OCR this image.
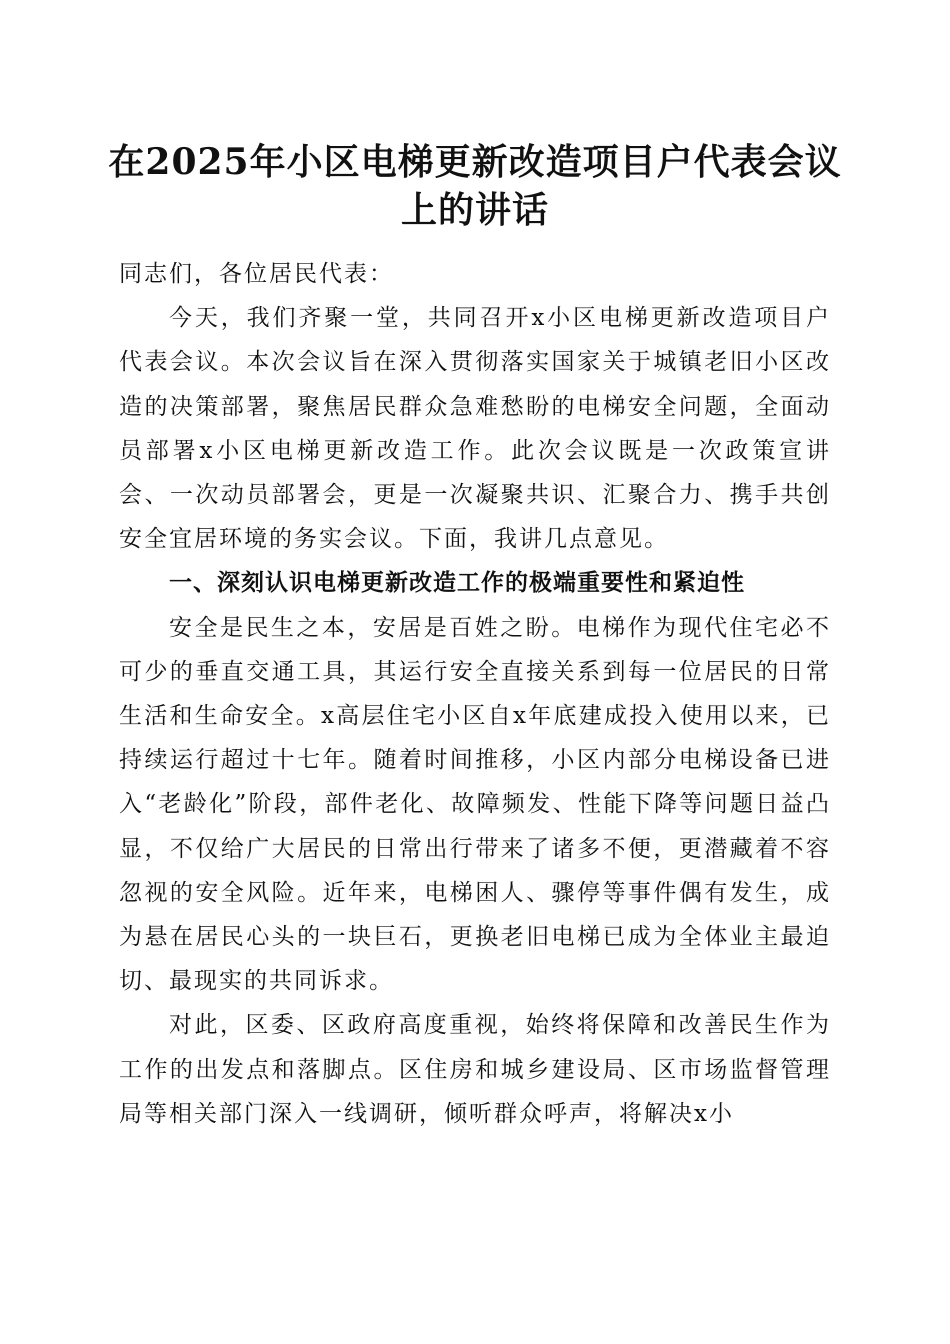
在2025年小区电梯更新改造项目户代表会议
上的讲话

同志们，各位居民代表：

今天，我们齐聚一堂，共同召开x小区电梯更新改造项目户代表会议。本次会议旨在深入贯彻落实国家关于城镇老旧小区改造的决策部署，聚焦居民群众急难愁盼的电梯安全问题，全面动员部署x小区电梯更新改造工作。此次会议既是一次政策宣讲会、一次动员部署会，更是一次凝聚共识、汇聚合力、携手共创安全宜居环境的务实会议。下面，我讲几点意见。

一、深刻认识电梯更新改造工作的极端重要性和紧迫性

安全是民生之本，安居是百姓之盼。电梯作为现代住宅必不可少的垂直交通工具，其运行安全直接关系到每一位居民的日常生活和生命安全。x高层住宅小区自x年底建成投入使用以来，已持续运行超过十七年。随着时间推移，小区内部分电梯设备已进入“老龄化”阶段，部件老化、故障频发、性能下降等问题日益凸显，不仅给广大居民的日常出行带来了诸多不便，更潜藏着不容忽视的安全风险。近年来，电梯困人、骤停等事件偶有发生，成为悬在居民心头的一块巨石，更换老旧电梯已成为全体业主最迫切、最现实的共同诉求。

对此，区委、区政府高度重视，始终将保障和改善民生作为工作的出发点和落脚点。区住房和城乡建设局、区市场监督管理局等相关部门深入一线调研，倾听群众呼声，将解决x小
